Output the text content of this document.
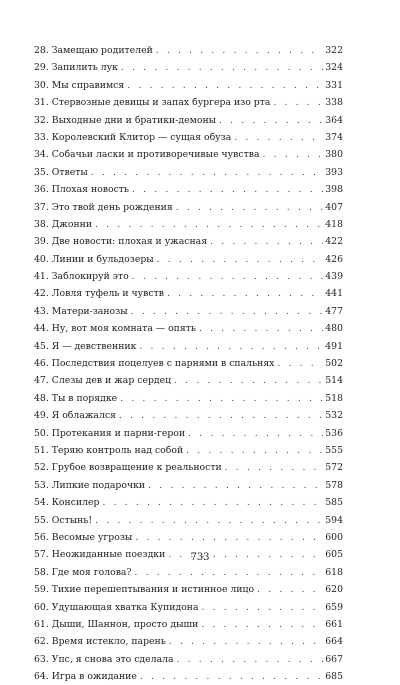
28. Замещаю родителей . . .	322
29. Запилить лук . . .	324
30. Мы справимся . . .	331
31. Стервозные девицы и запах бургера изо рта . . .	338
32. Выходные дни и братики-демоны . . .	364
33. Королевский Клитор — сущая обуза . . .	374
34. Собачьи ласки и противоречивые чувства . . .	380
35. Ответы . . .	393
36. Плохая новость . . .	398
37. Это твой день рождения . . .	407
38. Джонни . . .	418
39. Две новости: плохая и ужасная . . .	422
40. Линии и бульдозеры . . .	426
41. Заблокируй это . . .	439
42. Ловля туфель и чувств . . .	441
43. Матери-занозы . . .	477
44. Ну, вот моя комната — опять . . .	480
45. Я — девственник . . .	491
46. Последствия поцелуев с парнями в спальнях . . .	502
47. Слезы дев и жар сердец . . .	514
48. Ты в порядке . . .	518
49. Я облажался . . .	532
50. Протекания и парни-герои . . .	536
51. Теряю контроль над собой . . .	555
52. Грубое возвращение к реальности . . .	572
53. Липкие подарочки . . .	578
54. Консилер . . .	585
55. Остынь! . . .	594
56. Весомые угрозы . . .	600
57. Неожиданные поездки . . .	605
58. Где моя голова? . . .	618
59. Тихие перешептывания и истинное лицо . . .	620
60. Удушающая хватка Купидона . . .	659
61. Дыши, Шаннон, просто дыши . . .	661
62. Время истекло, парень . . .	664
63. Упс, я снова это сделала . . .	667
64. Игра в ожидание . . .	685
733
